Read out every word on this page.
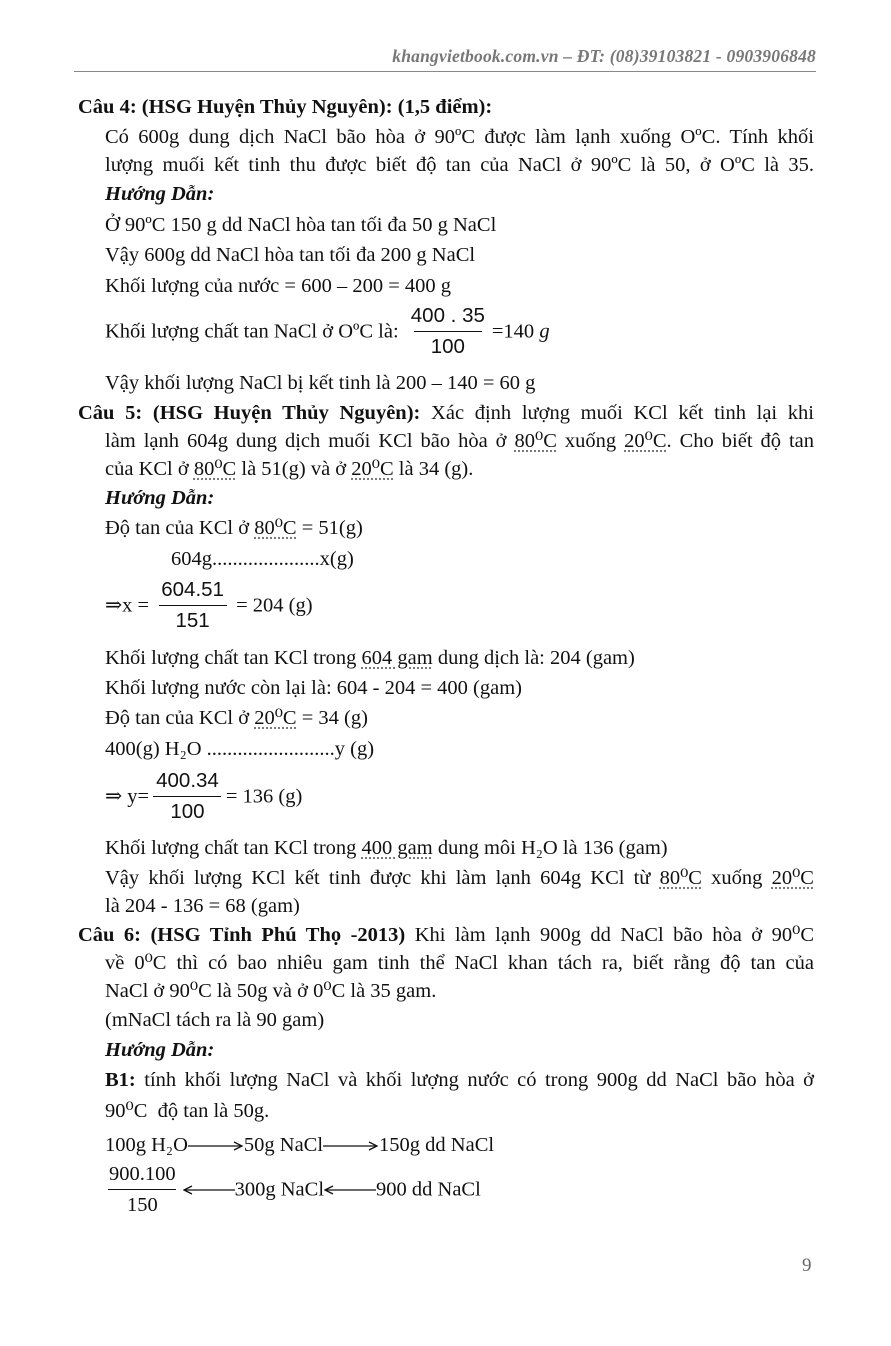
khangvietbook.com.vn – ĐT: (08)39103821 - 0903906848
Câu 4: (HSG Huyện Thủy Nguyên): (1,5 điểm):
Có 600g dung dịch NaCl bão hòa ở 90ºC được làm lạnh xuống OºC. Tính khối
lượng muối kết tinh thu được biết độ tan của NaCl ở 90ºC là 50, ở OºC là 35.
Hướng Dẫn:
Ở 90ºC 150 g dd NaCl hòa tan tối đa 50 g NaCl
Vậy 600g dd NaCl hòa tan tối đa 200 g NaCl
Khối lượng của nước = 600 – 200 = 400 g
Khối lượng chất tan NaCl ở OºC là: $\frac{400 . 35}{100} =140$ g
Vậy khối lượng NaCl bị kết tinh là 200 – 140 = 60 g
Câu 5: (HSG Huyện Thủy Nguyên): Xác định lượng muối KCl kết tinh lại khi
làm lạnh 604g dung dịch muối KCl bão hòa ở 80⁰C xuống 20⁰C. Cho biết độ tan
của KCl ở 80⁰C là 51(g) và ở 20⁰C là 34 (g).
Hướng Dẫn:
Độ tan của KCl ở 80⁰C = 51(g)
604g.....................x(g)
⇒x = $\frac{604.51}{151} = 204$ (g)
Khối lượng chất tan KCl trong 604 gam dung dịch là: 204 (gam)
Khối lượng nước còn lại là: 604 - 204 = 400 (gam)
Độ tan của KCl ở 20⁰C = 34 (g)
400(g) H₂O .........................y (g)
⇒ $y= \frac{400.34}{100} = 136$ (g)
Khối lượng chất tan KCl trong 400 gam dung môi H₂O là 136 (gam)
Vậy khối lượng KCl kết tinh được khi làm lạnh 604g KCl từ 80⁰C xuống 20⁰C
là 204 - 136 = 68 (gam)
Câu 6: (HSG Tỉnh Phú Thọ -2013) Khi làm lạnh 900g dd NaCl bão hòa ở 90⁰C
về 0⁰C thì có bao nhiêu gam tinh thể NaCl khan tách ra, biết rằng độ tan của
NaCl ở 90⁰C là 50g và ở 0⁰C là 35 gam.
(mNaCl tách ra là 90 gam)
Hướng Dẫn:
B1: tính khối lượng NaCl và khối lượng nước có trong 900g dd NaCl bão hòa ở
90⁰C độ tan là 50g.
100g H₂O	50g NaCl	150g dd NaCl
$\frac{900.100}{150}$	300g NaCl	900 dd NaCl
9
